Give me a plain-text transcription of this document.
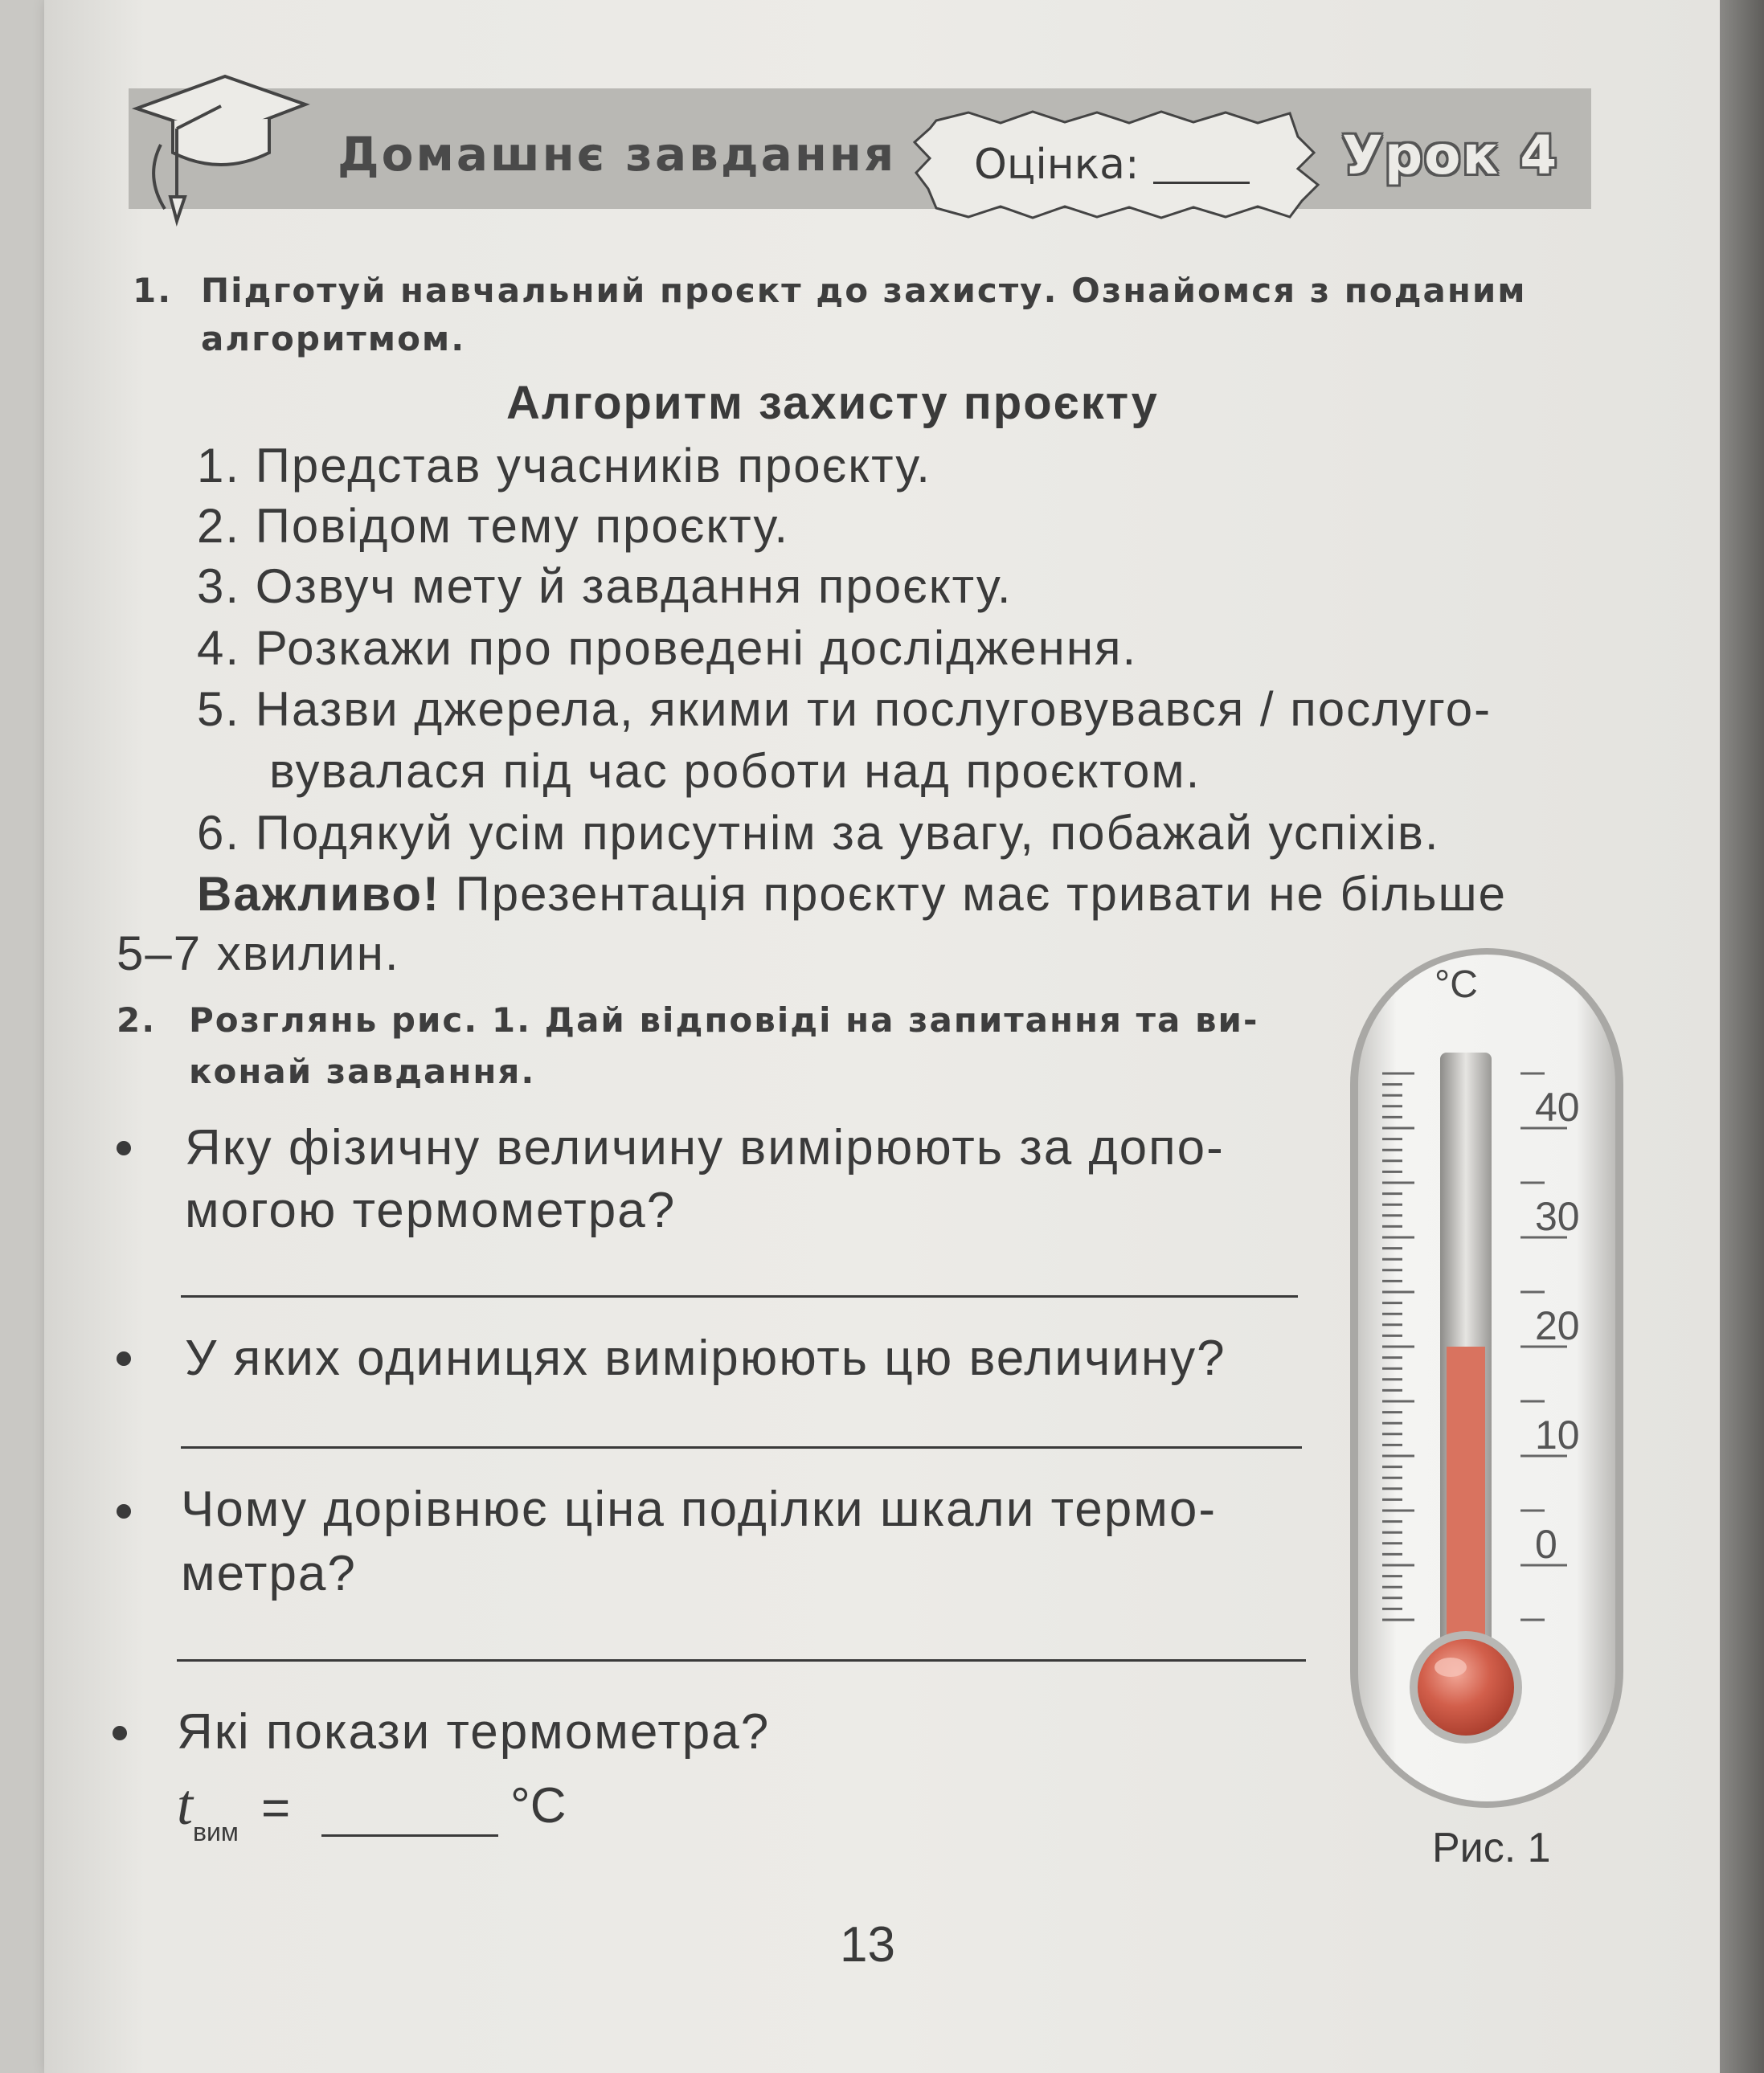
Домашнє завдання Оцінка:	Урок 4
1. Підготуй навчальний проєкт до захисту. Ознайомся з поданим
алгоритмом.
Алгоритм захисту проєкту
1. Представ учасників проєкту.
2. Повідом тему проєкту.
3. Озвуч мету й завдання проєкту.
4. Розкажи про проведені дослідження.
5. Назви джерела, якими ти послуговувався / послуго-
вувалася під час роботи над проєктом.
6. Подякуй усім присутнім за увагу, побажай успіхів.
Важливо! Презентація проєкту має тривати не більше
5–7 хвилин.
2. Розглянь рис. 1. Дай відповіді на запитання та ви-
конай завдання.
Яку фізичну величину вимірюють за допо-
могою термометра?
У яких одиницях вимірюють цю величину?
Чому дорівнює ціна поділки шкали термо-
метра?
Які покази термометра?
t вим =	°С
°С
40
30
20
10
0
Рис. 1
13
